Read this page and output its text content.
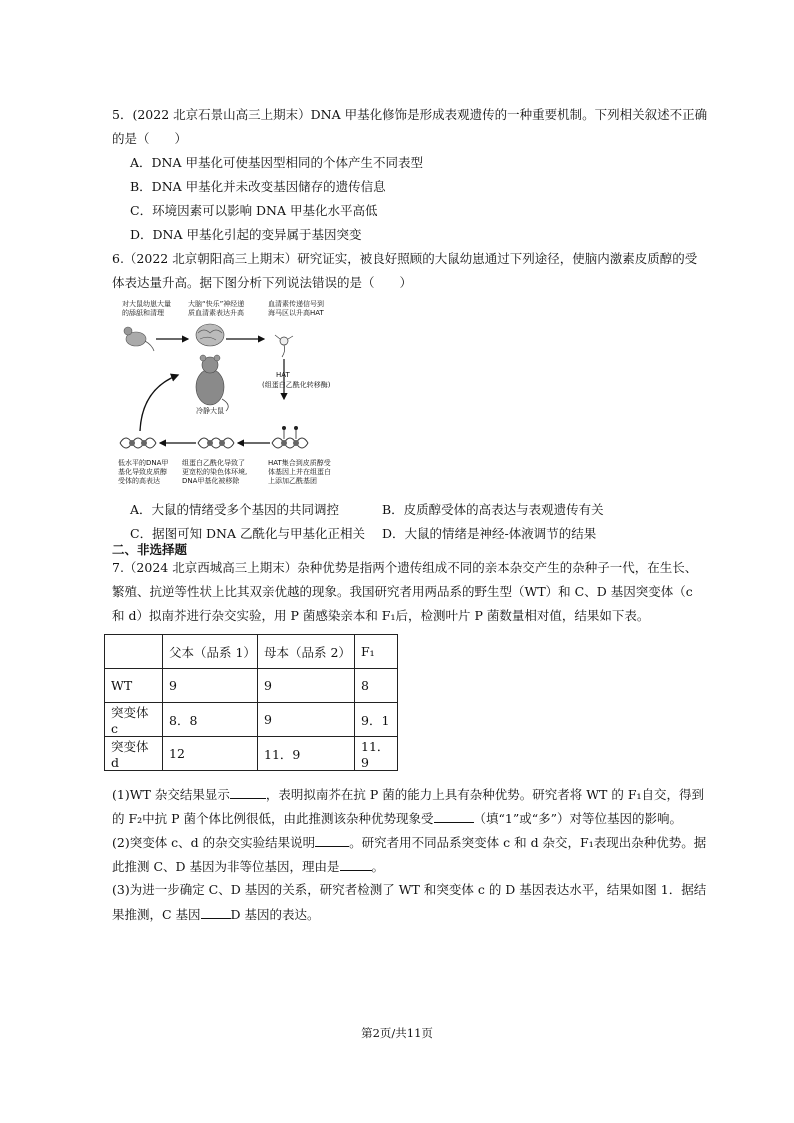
5．(2022 北京石景山高三上期末）DNA 甲基化修饰是形成表观遗传的一种重要机制。下列相关叙述不正确
的是（　　）
A．DNA 甲基化可使基因型相同的个体产生不同表型
B．DNA 甲基化并未改变基因储存的遗传信息
C．环境因素可以影响 DNA 甲基化水平高低
D．DNA 甲基化引起的变异属于基因突变
6.（2022 北京朝阳高三上期末）研究证实，被良好照顾的大鼠幼崽通过下列途径，使脑内激素皮质醇的受
体表达量升高。据下图分析下列说法错误的是（　　）
对大鼠幼崽大量
的舔舐和清理
大脑“快乐”神经递
质血清素表达升高
血清素传递信号到
海马区以升高HAT
HAT
(组蛋白乙酰化转移酶)
冷静大鼠
低水平的DNA甲
基化导致皮质醇
受体的高表达
组蛋白乙酰化导致了
更宽松的染色体环境,
DNA甲基化被移除
HAT集合到皮质醇受
体基因上并在组蛋白
上添加乙酰基团
A．大鼠的情绪受多个基因的共同调控	B．皮质醇受体的高表达与表观遗传有关
C．据图可知 DNA 乙酰化与甲基化正相关 D．大鼠的情绪是神经-体液调节的结果
二、非选择题
7.（2024 北京西城高三上期末）杂种优势是指两个遗传组成不同的亲本杂交产生的杂种子一代，在生长、
繁殖、抗逆等性状上比其双亲优越的现象。我国研究者用两品系的野生型（WT）和 C、D 基因突变体（c
和 d）拟南芥进行杂交实验，用 P 菌感染亲本和 F₁后，检测叶片 P 菌数量相对值，结果如下表。
	父本（品系 1）	母本（品系 2）	F₁
WT	9	9	8
突变体 c	8．8	9	9．1
突变体 d	12	11．9	11．9
(1)WT 杂交结果显示	，表明拟南芥在抗 P 菌的能力上具有杂种优势。研究者将 WT 的 F₁自交，得到
的 F₂中抗 P 菌个体比例很低，由此推测该杂种优势现象受	（填“1”或“多”）对等位基因的影响。
(2)突变体 c、d 的杂交实验结果说明	。研究者用不同品系突变体 c 和 d 杂交，F₁表现出杂种优势。据
此推测 C、D 基因为非等位基因，理由是	。
(3)为进一步确定 C、D 基因的关系，研究者检测了 WT 和突变体 c 的 D 基因表达水平，结果如图 1．据结
果推测，C 基因 D 基因的表达。
第2页/共11页
